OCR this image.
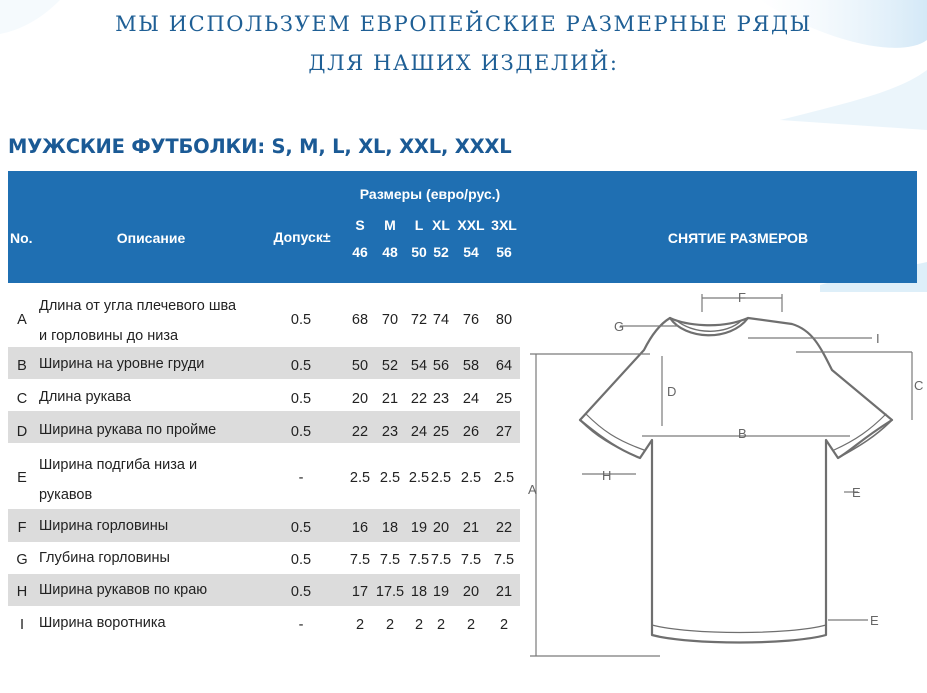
МЫ ИСПОЛЬЗУЕМ ЕВРОПЕЙСКИЕ РАЗМЕРНЫЕ РЯДЫ
ДЛЯ НАШИХ ИЗДЕЛИЙ:
МУЖСКИЕ ФУТБОЛКИ: S, M, L, XL, XXL, XXXL
No.	Описание	Допуск±
Размеры (евро/рус.)
S	M	L XL XXL 3XL
46 48 50 52 54 56
СНЯТИЕ РАЗМЕРОВ
A
Длина от угла плечевого шва
и горловины до низа
0.5	68 70 72 74 76	80
B Ширина на уровне груди	0.5	50 52 54 56 58	64
C Длина рукава	0.5	20 21 22 23 24	25
D Ширина рукава по пройме	0.5	22 23 24 25 26	27
E
Ширина подгиба низа и
рукавов
-	2.5 2.5 2.5 2.5 2.5 2.5
F Ширина горловины	0.5	16 18 19 20 21	22
G Глубина горловины	0.5	7.5 7.5 7.5 7.5 7.5 7.5
H Ширина рукавов по краю	0.5	17 17.5 18 19 20	21
I	Ширина воротника	-	2	2	2 2	2	2
F
G
I
D	C
B
H
A	E
E
